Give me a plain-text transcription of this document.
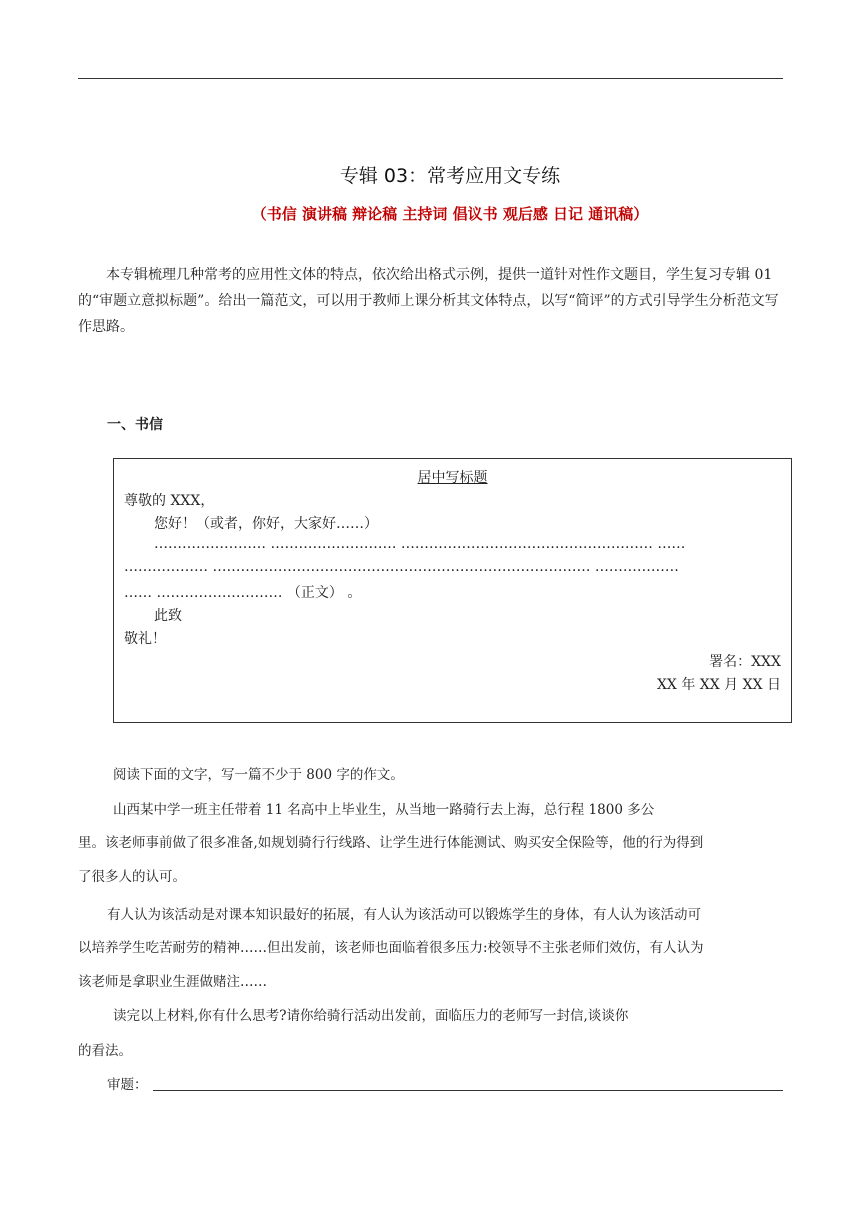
专辑 03：常考应用文专练
（书信 演讲稿 辩论稿 主持词 倡议书 观后感 日记 通讯稿）
本专辑梳理几种常考的应用性文体的特点，依次给出格式示例，提供一道针对性作文题目，学生复习专辑 01 的“审题立意拟标题”。给出一篇范文，可以用于教师上课分析其文体特点，以写“简评”的方式引导学生分析范文写作思路。
一、书信
居中写标题
尊敬的 XXX，
您好！（或者，你好，大家好……）
…………………… ……………………… ……………………………………………… ……
……………… ……………………………………………………………………… ………………
…… ……………………… （正文） 。
此致
敬礼！
署名：XXX
XX 年 XX 月 XX 日
阅读下面的文字，写一篇不少于 800 字的作文。
山西某中学一班主任带着 11 名高中上毕业生，从当地一路骑行去上海，总行程 1800 多公
里。该老师事前做了很多准备,如规划骑行行线路、让学生进行体能测试、购买安全保险等，他的行为得到
了很多人的认可。
有人认为该活动是对课本知识最好的拓展，有人认为该活动可以锻炼学生的身体，有人认为该活动可
以培养学生吃苦耐劳的精神……但出发前，该老师也面临着很多压力:校领导不主张老师们效仿，有人认为
该老师是拿职业生涯做赌注……
读完以上材料,你有什么思考?请你给骑行活动出发前，面临压力的老师写一封信,谈谈你
的看法。
审题：
